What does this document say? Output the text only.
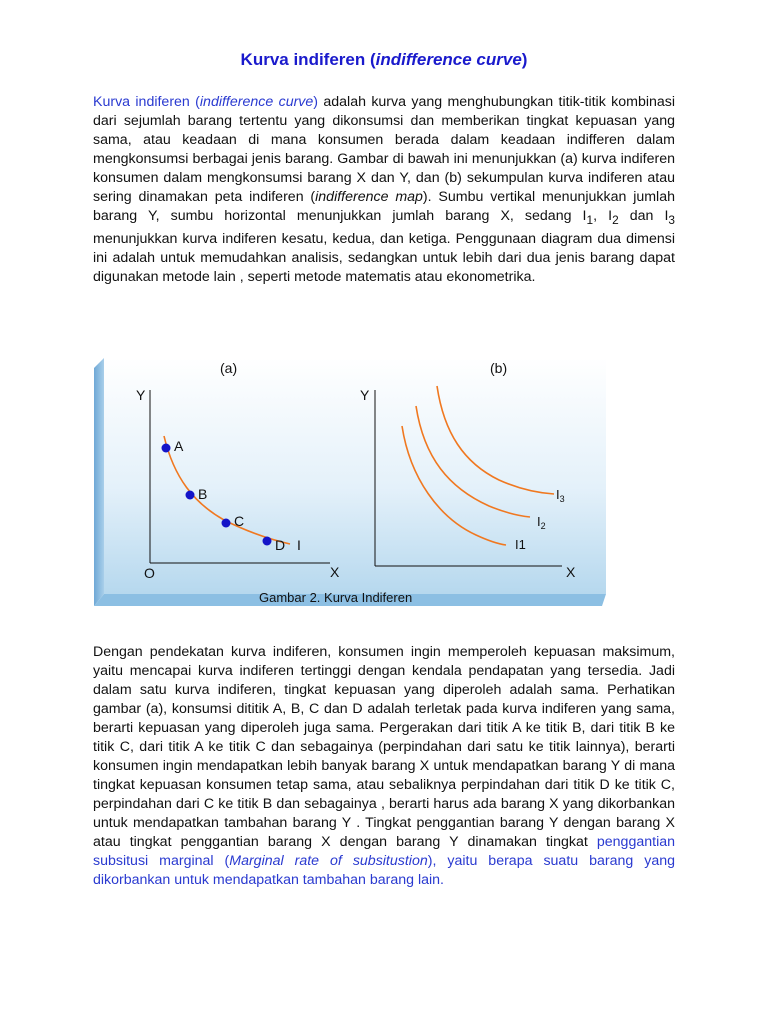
Kurva indiferen (indifference curve)

Kurva indiferen (indifference curve) adalah kurva yang menghubungkan titik-titik kombinasi dari sejumlah barang tertentu yang dikonsumsi dan memberikan tingkat kepuasan yang sama, atau keadaan di mana konsumen berada dalam keadaan indifferen dalam mengkonsumsi berbagai jenis barang. Gambar di bawah ini menunjukkan (a) kurva indiferen konsumen dalam mengkonsumsi barang X dan Y, dan (b) sekumpulan kurva indiferen atau sering dinamakan peta indiferen (indifference map). Sumbu vertikal menunjukkan jumlah barang Y, sumbu horizontal menunjukkan jumlah barang X, sedang $I_1$, $I_2$ dan $I_3$ menunjukkan kurva indiferen kesatu, kedua, dan ketiga. Penggunaan diagram dua dimensi ini adalah untuk memudahkan analisis, sedangkan untuk lebih dari dua jenis barang dapat digunakan metode lain , seperti metode matematis atau ekonometrika.

(a)
Y
O	X
A
B
C
D I
(b)
Y
X
$I_3$
$I_2$
I1
Gambar 2. Kurva Indiferen

Dengan pendekatan kurva indiferen, konsumen ingin memperoleh kepuasan maksimum, yaitu mencapai kurva indiferen tertinggi dengan kendala pendapatan yang tersedia. Jadi dalam satu kurva indiferen, tingkat kepuasan yang diperoleh adalah sama. Perhatikan gambar (a), konsumsi dititik A, B, C dan D adalah terletak pada kurva indiferen yang sama, berarti kepuasan yang diperoleh juga sama. Pergerakan dari titik A ke titik B, dari titik B ke titik C, dari titik A ke titik C dan sebagainya (perpindahan dari satu ke titik lainnya), berarti konsumen ingin mendapatkan lebih banyak barang X untuk mendapatkan barang Y di mana tingkat kepuasan konsumen tetap sama, atau sebaliknya perpindahan dari titik D ke titik C, perpindahan dari C ke titik B dan sebagainya , berarti harus ada barang X yang dikorbankan untuk mendapatkan tambahan barang Y . Tingkat penggantian barang Y dengan barang X atau tingkat penggantian barang X dengan barang Y dinamakan tingkat penggantian subsitusi marginal (Marginal rate of subsitustion), yaitu berapa suatu barang yang dikorbankan untuk mendapatkan tambahan barang lain.
